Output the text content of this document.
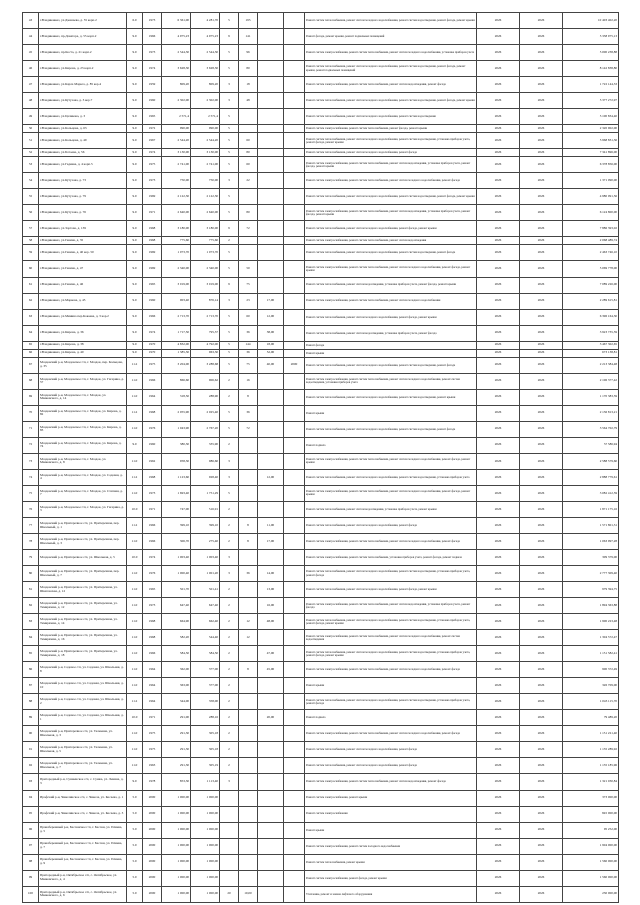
43	г.Владикавказ, ул.Джанаева, д. 55 корп.2	6.0	1973	6 361,00	4 281,70	5	195			Ремонт систем теплоснабжения, ремонт систем холодного водоснабжения, ремонт систем водоотведения, ремонт фасада, ремонт крыши	2026	2026	10 403 402,20
44	г.Владикавказ, пр.Доватора, д. 55 корп.2	9.0	1966	4 975,23	4 975,23	9	141			Ремонт фасада, ремонт крыши, ремонт подвальных помещений	2026	2026	5 338 975,13
45	г.Владикавказ, пр.Коста, д. 21 корп.2	9.0	1973	2 544,30	2 544,30	5	96			Ремонт систем электроснабжения, ремонт систем теплоснабжения, ремонт систем холодного водоснабжения, установка приборов учета	2026	2026	5 000 238,88
46	г.Владикавказ, ул.Кирова, д. 23 корп.2	9.0	1974	3 628,30	3 628,30	5	80			Ремонт систем теплоснабжения, ремонт систем холодного водоснабжения, ремонт систем водоотведения, ремонт фасада, ремонт крыши, ремонт подвальных помещений	2026	2026	8 142 838,80
47	г.Владикавказ, ул.Карла Маркса, д. 85 кор.4	9.0	1959	809,20	809,20	3	18			Ремонт систем электроснабжения, ремонт систем теплоснабжения, ремонт систем водоотведения, ремонт фасада	2026	2026	1 722 144,33
48	г.Владикавказ, ул.Кутузова, д. 3 кор.7	9.0	1960	2 302,00	2 302,00	3	48			Ремонт систем теплоснабжения, ремонт систем холодного водоснабжения, ремонт систем водоотведения, ремонт фасада, ремонт крыши	2026	2026	5 377 272,97
49	г.Владикавказ, ул.Цаликова, д. 3	9.0	1965	2 571,4	2 571,4	5				Ремонт систем теплоснабжения, ремонт систем холодного водоснабжения, ремонт систем водоотведения	2026	2026	5 100 834,40
50	г.Владикавказ, ул.Кольцова, д. 63	9.0	1972	990,00	990,00	5				Ремонт систем электроснабжения, ремонт систем теплоснабжения, ремонт фасада, ремонт крыши	2026	2026	2 320 902,00
51	г.Владикавказ, ул.Кольцова, д. 49	9.0	1967	2 544,20	2 544,20	5	60			Ремонт систем теплоснабжения, ремонт систем холодного водоснабжения, ремонт систем водоотведения, установка приборов учета, ремонт фасада, ремонт крыши	2026	2026	5 968 831,36
52	г.Владикавказ, ул.Ботоева, д. 56	9.0	1974	3 130,00	3 130,00	5	80			Ремонт систем теплоснабжения, ремонт систем холодного водоснабжения, ремонт фасада	2026	2026	7 341 896,00
53	г.Владикавказ, ул.Гадиева, д. 4 корп.5	9.0	1975	2 741,00	2 741,00	5	60			Ремонт систем электроснабжения, ремонт систем теплоснабжения, ремонт систем водоотведения, установка приборов учета, ремонт фасада, ремонт крыши	2026	2026	6 378 856,00
54	г.Владикавказ, ул.Кутузова, д. 73	9.0	1973	750,00	750,00	3	22			Ремонт систем электроснабжения, ремонт систем теплоснабжения, ремонт систем холодного водоснабжения, ремонт фасада	2026	2026	1 371 090,00
55	г.Владикавказ, ул.Кутузова, д. 79	9.0	1969	2 122,30	2 122,30	5				Ремонт систем теплоснабжения, ремонт систем холодного водоснабжения, ремонт систем водоотведения, ремонт фасада, ремонт крыши	2026	2026	4 980 091,56
56	г.Владикавказ, ул.Кутузова, д. 76	9.0	1971	2 640,00	2 640,00	5	80			Ремонт систем электроснабжения, ремонт систем теплоснабжения, ремонт систем водоотведения, установка приборов учета, ремонт фасада, ремонт крыши	2026	2026	6 124 800,00
57	г.Владикавказ, ул.Зортова, д. 139	9.0	1968	3 180,00	3 180,00	9	72			Ремонт систем теплоснабжения, ремонт систем холодного водоснабжения, ремонт фасада, ремонт крыши	2026	2026	7 886 393,02
58	г.Владикавказ, ул.Генина, д. 35	9.0	1968	775,60	775,60	2				Ремонт систем электроснабжения, ремонт систем теплоснабжения, ремонт систем водоотведения	2026	2026	2 068 489,74
59	г.Владикавказ, ул.Генина, д. 40 кор. 50	9.0	1969	1 073,70	1 073,70	5				Ремонт систем теплоснабжения, ремонт систем холодного водоснабжения, ремонт систем водоотведения, ремонт фасада	2026	2026	2 463 746,10
60	г.Владикавказ, ул.Генина, д. 47	9.0	1969	2 340,00	2 340,00	5	50			Ремонт систем электроснабжения, ремонт систем теплоснабжения, ремонт систем холодного водоснабжения, ремонт фасада, ремонт крыши	2026	2026	5 069 778,00
61	г.Владикавказ, ул.Генина, д. 46	9.0	1965	3 019,00	3 019,00	9	75			Ремонт систем теплоснабжения, ремонт систем водоотведения, установка приборов учета, ремонт фасада, ремонт крыши	2026	2026	7 089 226,00
62	г.Владикавказ, ул.Маркова, д. 45	9.0	1960	903,40	876,14	3	23	17,00		Ремонт систем электроснабжения, ремонт систем теплоснабжения, ремонт систем холодного водоснабжения	2026	2026	2 289 615,81
63	г.Владикавказ, ул.Минина пер.Кокаева, д. 3 кор.2	9.0	1966	2 713,70	2 713,70	5	60	12,00		Ремонт систем теплоснабжения, ремонт систем холодного водоснабжения, ремонт фасада, ремонт крыши	2026	2026	6 396 164,30
64	г.Владикавказ, ул.Кирова, д. 36	9.0	1974	1 717,50	795,37	5	36	38,00		Ремонт систем теплоснабжения, ремонт систем водоотведения, установка приборов учета, ремонт фасада	2026	2026	3 923 735,59
65	г.Владикавказ, ул.Кирова, д. 38	9.0	1970	4 832,00	4 792,00	5	144	18,00		Ремонт фасада	2026	2026	3 467 302,65
66	г.Владикавказ, ул.Кирова, д. 40	9.0	1970	1 385,30	963,30	5	36	52,00		Ремонт крыши	2026	2026	673 138,81
67	Моздокский р-н, Моздокское г/п, г. Моздок, пер. Кольцова, д. 35	11.2	1975	3 204,00	3 288,68	5	75	40,00	2000	Ремонт систем теплоснабжения, ремонт систем холодного водоснабжения, ремонт систем водоотведения, ремонт фасада	2026	2026	2 213 384,48
68	Моздокский р-н, Моздокское г/п, г. Моздок, ул. Гагарина, д. 57	11.0	1966	866,60	906,62	2	16			Ремонт систем электроснабжения, ремонт систем теплоснабжения, ремонт систем холодного водоснабжения, ремонт систем водоотведения, установка приборов учета	2026	2026	2 106 377,42
69	Моздокский р-н, Моздокское г/п, г. Моздок, ул. Маяковского, д. 14	11.0	1964	318,50	288,90	2	8			Ремонт систем теплоснабжения, ремонт систем холодного водоснабжения, ремонт систем водоотведения, ремонт крыши	2026	2026	1 170 383,59
70	Моздокский р-н, Моздокское г/п, г. Моздок, ул. Кирова, д. 82	11.2	1968	2 055,90	2 025,40	5	36			Ремонт крыши	2026	2026	2 136 813,21
71	Моздокский р-н, Моздокское г/п, г. Моздок, ул. Кирова, д. 83	11.0	1976	1 043,90	2 767,20	5	72			Ремонт систем теплоснабжения, ремонт систем холодного водоснабжения, ремонт систем водоотведения, ремонт фасада	2026	2026	3 564 702,79
72	Моздокский р-н, Моздокское г/п, г. Моздок, ул. Кирова, д. 74	9.0	1960	380,30	335,90	2				Ремонт подвала	2026	2026	57 586,94
73	Моздокский р-н, Моздокское г/п, г. Моздок, ул. Маяковского, д. 8	11.0	1962	958,30	986,60	3				Ремонт систем электроснабжения, ремонт систем теплоснабжения, ремонт систем холодного водоснабжения, ремонт фасада, ремонт крыши	2026	2026	2 588 579,60
74	Моздокский р-н, Моздокское г/п, г. Моздок, ул. Садовая, д. 4	11.2	1968	1 123,60	928,40	3		12,00		Ремонт систем теплоснабжения, ремонт систем холодного водоснабжения, ремонт систем водоотведения, установка приборов учета	2026	2026	2 888 779,61
75	Моздокский р-н, Моздокское г/п, г. Моздок, ул. Степная, д. 7	11.0	1973	1 693,40	1 751,29	5				Ремонт систем электроснабжения, ремонт систем теплоснабжения, ремонт систем холодного водоснабжения, ремонт фасада, ремонт крыши	2026	2026	3 082 412,59
76	Моздокский р-н, Моздокское г/п, г. Моздок, ул. Гагарина, д. 3	10.0	1971	747,00	516,91	2				Ремонт систем теплоснабжения, ремонт систем водоотведения, установка приборов учета, ремонт крыши	2026	2026	1 871 175,16
77	Моздокский р-н, Притеречное с/п, ул. Притеречная, пер. Школьный, д. 1	11.2	1966	399,10	399,10	2	8	11,00		Ремонт систем теплоснабжения, ремонт систем холодного водоснабжения, ремонт фасада	2026	2026	1 571 801,31
78	Моздокский р-н, Притеречное с/п, ул. Притеречная, пер. Школьный, д. 3	11.0	1966	306,70	275,40	2	8	17,00		Ремонт систем электроснабжения, ремонт систем теплоснабжения, ремонт систем холодного водоснабжения, ремонт фасада	2026	2026	1 063 997,28
79	Моздокский р-н, Притеречное с/п, ул. Школьная, д. 5	10.0	1974	1 003,40	1 003,40	3				Ремонт систем электроснабжения, ремонт систем теплоснабжения, установка приборов учета, ремонт фасада, ремонт подвала	2026	2026	309 379,00
80	Моздокский р-н, Притеречное с/п, ул. Притеречная, пер. Школьный, д. 7	11.0	1976	1 000,40	1 001,20	3	36	14,00		Ремонт систем теплоснабжения, ремонт систем холодного водоснабжения, ремонт систем водоотведения, установка приборов учета, ремонт фасада	2026	2026	2 777 309,40
81	Моздокский р-н, Притеречное с/п, ул. Притеречная, ул. Шкатовская, д. 12	11.0	1965	501,70	501,41	2		13,00		Ремонт систем теплоснабжения, ремонт систем холодного водоснабжения, ремонт фасада, ремонт крыши	2026	2026	979 394,75
82	Моздокский р-н, Притеречное с/п, ул. Притеречная, ул. Темирязева, д. 12	11.0	1973	647,40	647,40	2		16,00		Ремонт систем электроснабжения, ремонт систем теплоснабжения, ремонт систем водоотведения, установка приборов учета, ремонт фасада	2026	2026	1 894 363,88
83	Моздокский р-н, Притеречное с/п, ул. Притеречная, ул. Темирязева, д. 14	11.0	1968	664,90	662,40	2	12	48,00		Ремонт систем теплоснабжения, ремонт систем холодного водоснабжения, ремонт систем водоотведения, установка приборов учета, ремонт фасада, ремонт крыши	2026	2026	1 900 223,48
84	Моздокский р-н, Притеречное с/п, ул. Притеречная, ул. Темирязева, д. 16	11.0	1968	582,20	544,40	2	12			Ремонт систем электроснабжения, ремонт систем теплоснабжения, ремонт систем холодного водоснабжения, ремонт систем водоотведения	2026	2026	1 304 572,47
85	Моздокский р-н, Притеречное с/п, ул. Притеречная, ул. Темирязева, д. 18	11.0	1966	584,50	584,50	2		47,00		Ремонт систем теплоснабжения, ремонт систем холодного водоснабжения, ремонт систем водоотведения, установка приборов учета, ремонт фасада, ремонт крыши	2026	2026	1 151 582,41
86	Моздокский р-н, Садовое с/п, ул. Садовая, ул. Школьная, д. 8	11.0	1964	362,00	377,00	2	8	45,00		Ремонт систем электроснабжения, ремонт систем теплоснабжения, ремонт систем холодного водоснабжения, ремонт фасада	2026	2026	900 372,49
87	Моздокский р-н, Садовое с/п, ул. Садовая, ул. Школьная, д. 10	11.0	1964	363,00	377,00	2				Ремонт крыши	2026	2026	326 709,00
88	Моздокский р-н, Садовое с/п, ул. Садовая, ул. Школьная, д. 2	11.2	1964	344,00	358,00	2				Ремонт систем теплоснабжения, ремонт систем холодного водоснабжения, ремонт систем водоотведения, установка приборов учета, ремонт фасада	2026	2026	1 043 115,70
89	Моздокский р-н, Садовое с/п, ул. Садовая, ул. Школьная, д. 1	10.0	1971	291,00	288,16	2		20,00		Ремонт подвала	2026	2026	79 489,20
90	Моздокский р-н, Притеречное с/п, ул. Тельмана, ул. Школьная, д. 3	11.0	1975	291,30	305,18	2				Ремонт систем электроснабжения, ремонт систем теплоснабжения, ремонт систем холодного водоснабжения, ремонт фасада	2026	2026	1 151 221,40
91	Моздокский р-н, Притеречное с/п, ул. Тельмана, ул. Школьная, д. 5	11.0	1975	291,30	305,18	2				Ремонт систем теплоснабжения, ремонт систем холодного водоснабжения, ремонт фасада	2026	2026	1 135 289,92
92	Моздокский р-н, Притеречное с/п, ул. Тельмана, ул. Школьная, д. 7	11.0	1963	291,30	305,19	2				Ремонт систем теплоснабжения, ремонт систем холодного водоснабжения, ремонт фасада	2026	2026	1 135 185,96
93	Пригородный р-н, Сунженское с/п, с. Сунжа, ул. Ленина, д. 3	9.0	1978	853,30	1 113,40	3				Ремонт систем электроснабжения, ремонт систем теплоснабжения, ремонт систем водоотведения, ремонт фасада	2026	2026	1 321 030,84
94	Ирафский р-н, Чиколинское с/п, с. Чикола, ул. Кесаева, д. 1	5.0	2000	1 000,00	1 000,00					Ремонт систем электроснабжения, ремонт крыши	2026	2026	373 000,00
95	Ирафский р-н, Чиколинское с/п, с. Чикола, ул. Кесаева, д. 3	5.0	2000	1 000,00	1 000,00					Ремонт систем электроснабжения	2026	2026	845 000,00
96	Правобережный р-н, Бесланское г/п, г. Беслан, ул. Плиева, д. 5	5.0	2000	1 000,00	1 000,00					Ремонт крыши	2026	2026	95 252,00
97	Правобережный р-н, Бесланское г/п, г. Беслан, ул. Плиева, д. 7	5.0	2000	1 000,00	1 000,00					Ремонт систем электроснабжения, ремонт систем холодного водоснабжения	2026	2026	1 904 000,00
98	Правобережный р-н, Бесланское г/п, г. Беслан, ул. Плиева, д. 9	5.0	2000	1 000,00	1 000,00					Ремонт систем теплоснабжения, ремонт крыши	2026	2026	1 560 000,00
99	Пригородный р-н, Октябрьское с/п, с. Октябрьское, ул. Маяковского, д. 4	5.0	2000	1 000,00	1 000,00					Ремонт систем электроснабжения, ремонт фасада, ремонт крыши	2026	2026	1 560 000,00
100	Пригородный р-н, Октябрьское с/п, с. Октябрьское, ул. Маяковского, д. 6	5.0	2000	1 000,00	1 000,00	20	10,00			Утепление, ремонт и замена лифтового оборудования	2026	2026	230 000,00
